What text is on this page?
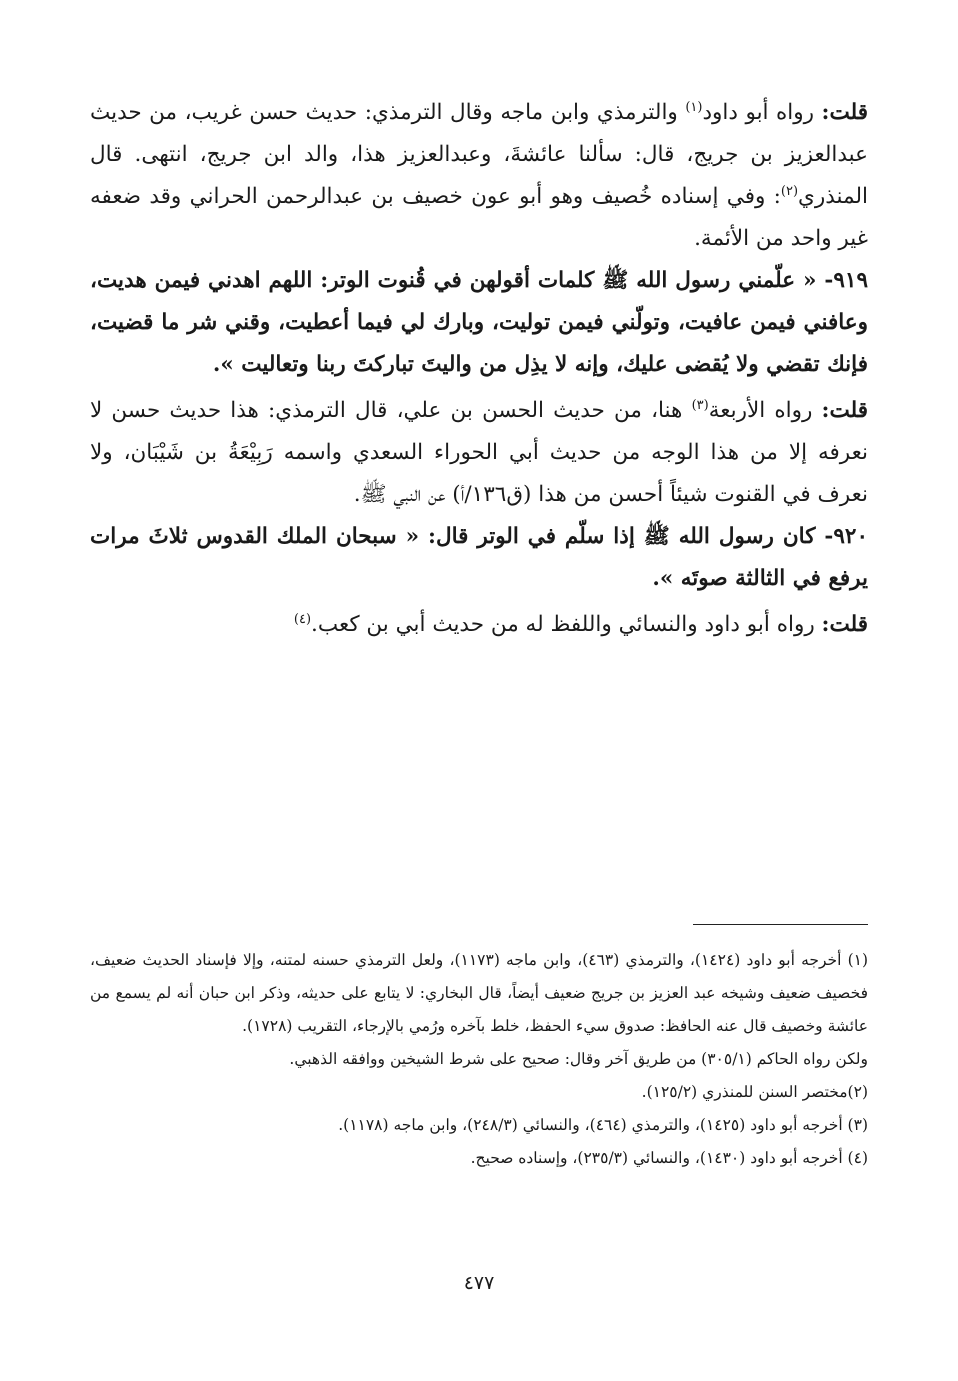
قلت: رواه أبو داود$^{(١)}$ والترمذي وابن ماجه وقال الترمذي: حديث حسن غريب، من حديث عبدالعزيز بن جريج، قال: سألنا عائشةَ، وعبدالعزيز هذا، والد ابن جريج، انتهى. قال المنذري$^{(٢)}$: وفي إسناده خُصيف وهو أبو عون خصيف بن عبدالرحمن الحراني وقد ضعفه غير واحد من الأئمة.

٩١٩- « علّمني رسول الله ﷺ كلمات أقولهن في قُنوت الوتر: اللهم اهدني فيمن هديت، وعافني فيمن عافيت، وتولّني فيمن توليت، وبارك لي فيما أعطيت، وقني شر ما قضيت، فإنك تقضي ولا يُقضى عليك، وإنه لا يذِل من واليتَ تباركتَ ربنا وتعاليت ».

قلت: رواه الأربعة$^{(٣)}$ هنا، من حديث الحسن بن علي، قال الترمذي: هذا حديث حسن لا نعرفه إلا من هذا الوجه من حديث أبي الحوراء السعدي واسمه رَبِيْعَةُ بن شَيْبَان، ولا نعرف في القنوت شيئاً أحسن من هذا (ق١٣٦/أ) عن النبي ﷺ.

٩٢٠- كان رسول الله ﷺ إذا سلّم في الوتر قال: « سبحان الملك القدوس ثلاثَ مرات يرفع في الثالثة صوتَه ».

قلت: رواه أبو داود والنسائي واللفظ له من حديث أبي بن كعب.$^{(٤)}$

(١) أخرجه أبو داود (١٤٢٤)، والترمذي (٤٦٣)، وابن ماجه (١١٧٣)، ولعل الترمذي حسنه لمتنه، وإلا فإسناد الحديث ضعيف، فخصيف ضعيف وشيخه عبد العزيز بن جريج ضعيف أيضاً، قال البخاري: لا يتابع على حديثه، وذكر ابن حبان أنه لم يسمع من عائشة وخصيف قال عنه الحافظ: صدوق سيء الحفظ، خلط بآخره ورُمي بالإرجاء، التقريب (١٧٢٨).

ولكن رواه الحاكم (٣٠٥/١) من طريق آخر وقال: صحيح على شرط الشيخين ووافقه الذهبي.

(٢)مختصر السنن للمنذري (١٢٥/٢).

(٣) أخرجه أبو داود (١٤٢٥)، والترمذي (٤٦٤)، والنسائي (٢٤٨/٣)، وابن ماجه (١١٧٨).

(٤) أخرجه أبو داود (١٤٣٠)، والنسائي (٢٣٥/٣)، وإسناده صحيح.

٤٧٧
